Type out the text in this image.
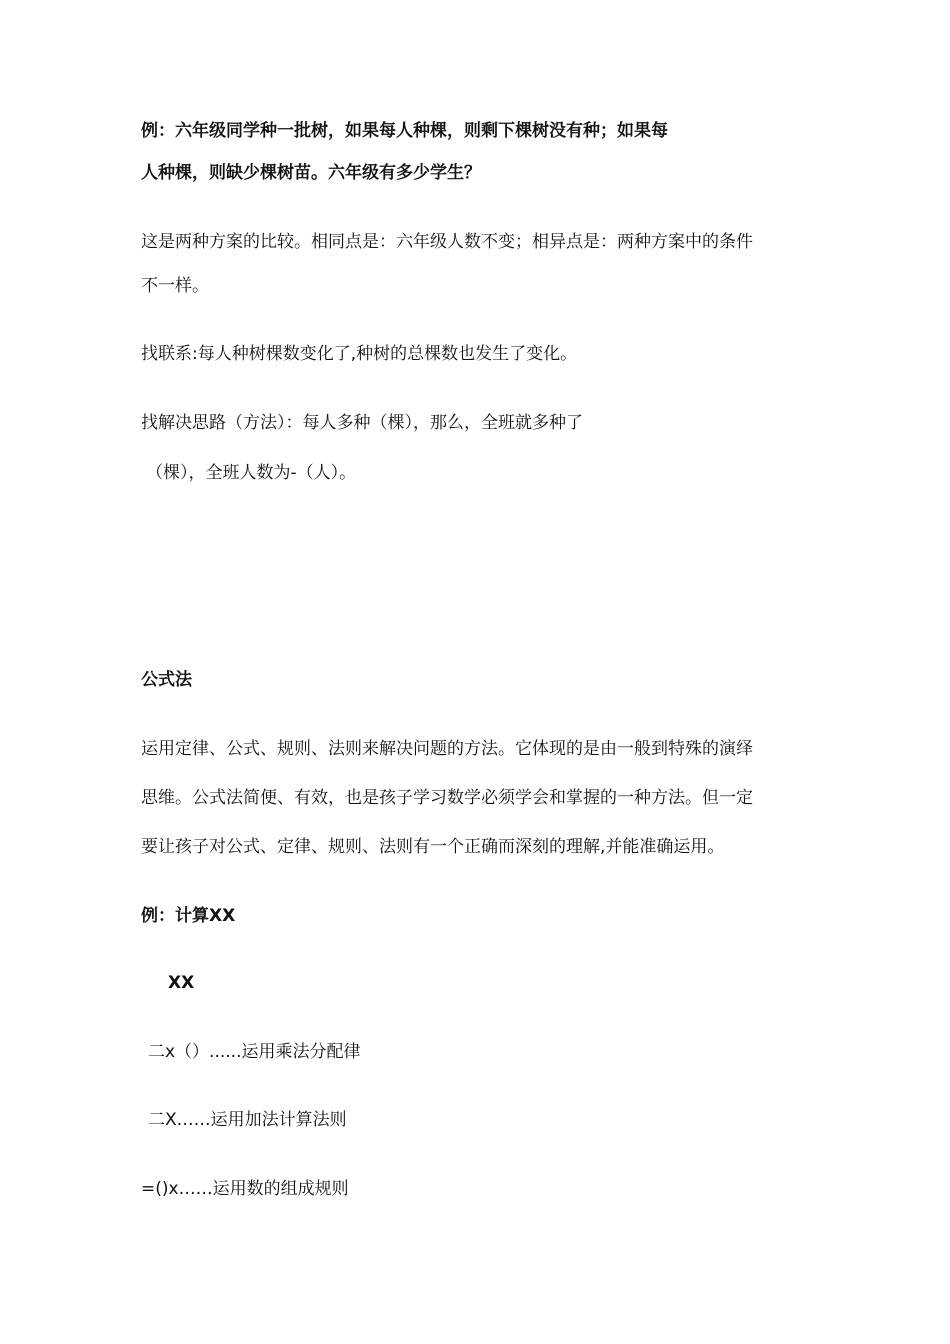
例：六年级同学种一批树，如果每人种棵，则剩下棵树没有种；如果每
人种棵，则缺少棵树苗。六年级有多少学生？
这是两种方案的比较。相同点是：六年级人数不变；相异点是：两种方案中的条件
不一样。
找联系:每人种树棵数变化了,种树的总棵数也发生了变化。
找解决思路（方法）：每人多种（棵），那么，全班就多种了
（棵），全班人数为-（人）。
公式法
运用定律、公式、规则、法则来解决问题的方法。它体现的是由一般到特殊的演绎
思维。公式法简便、有效，也是孩子学习数学必须学会和掌握的一种方法。但一定
要让孩子对公式、定律、规则、法则有一个正确而深刻的理解,并能准确运用。
例：计算XX
XX
二x（）......运用乘法分配律
二X……运用加法计算法则
=()x……运用数的组成规则
